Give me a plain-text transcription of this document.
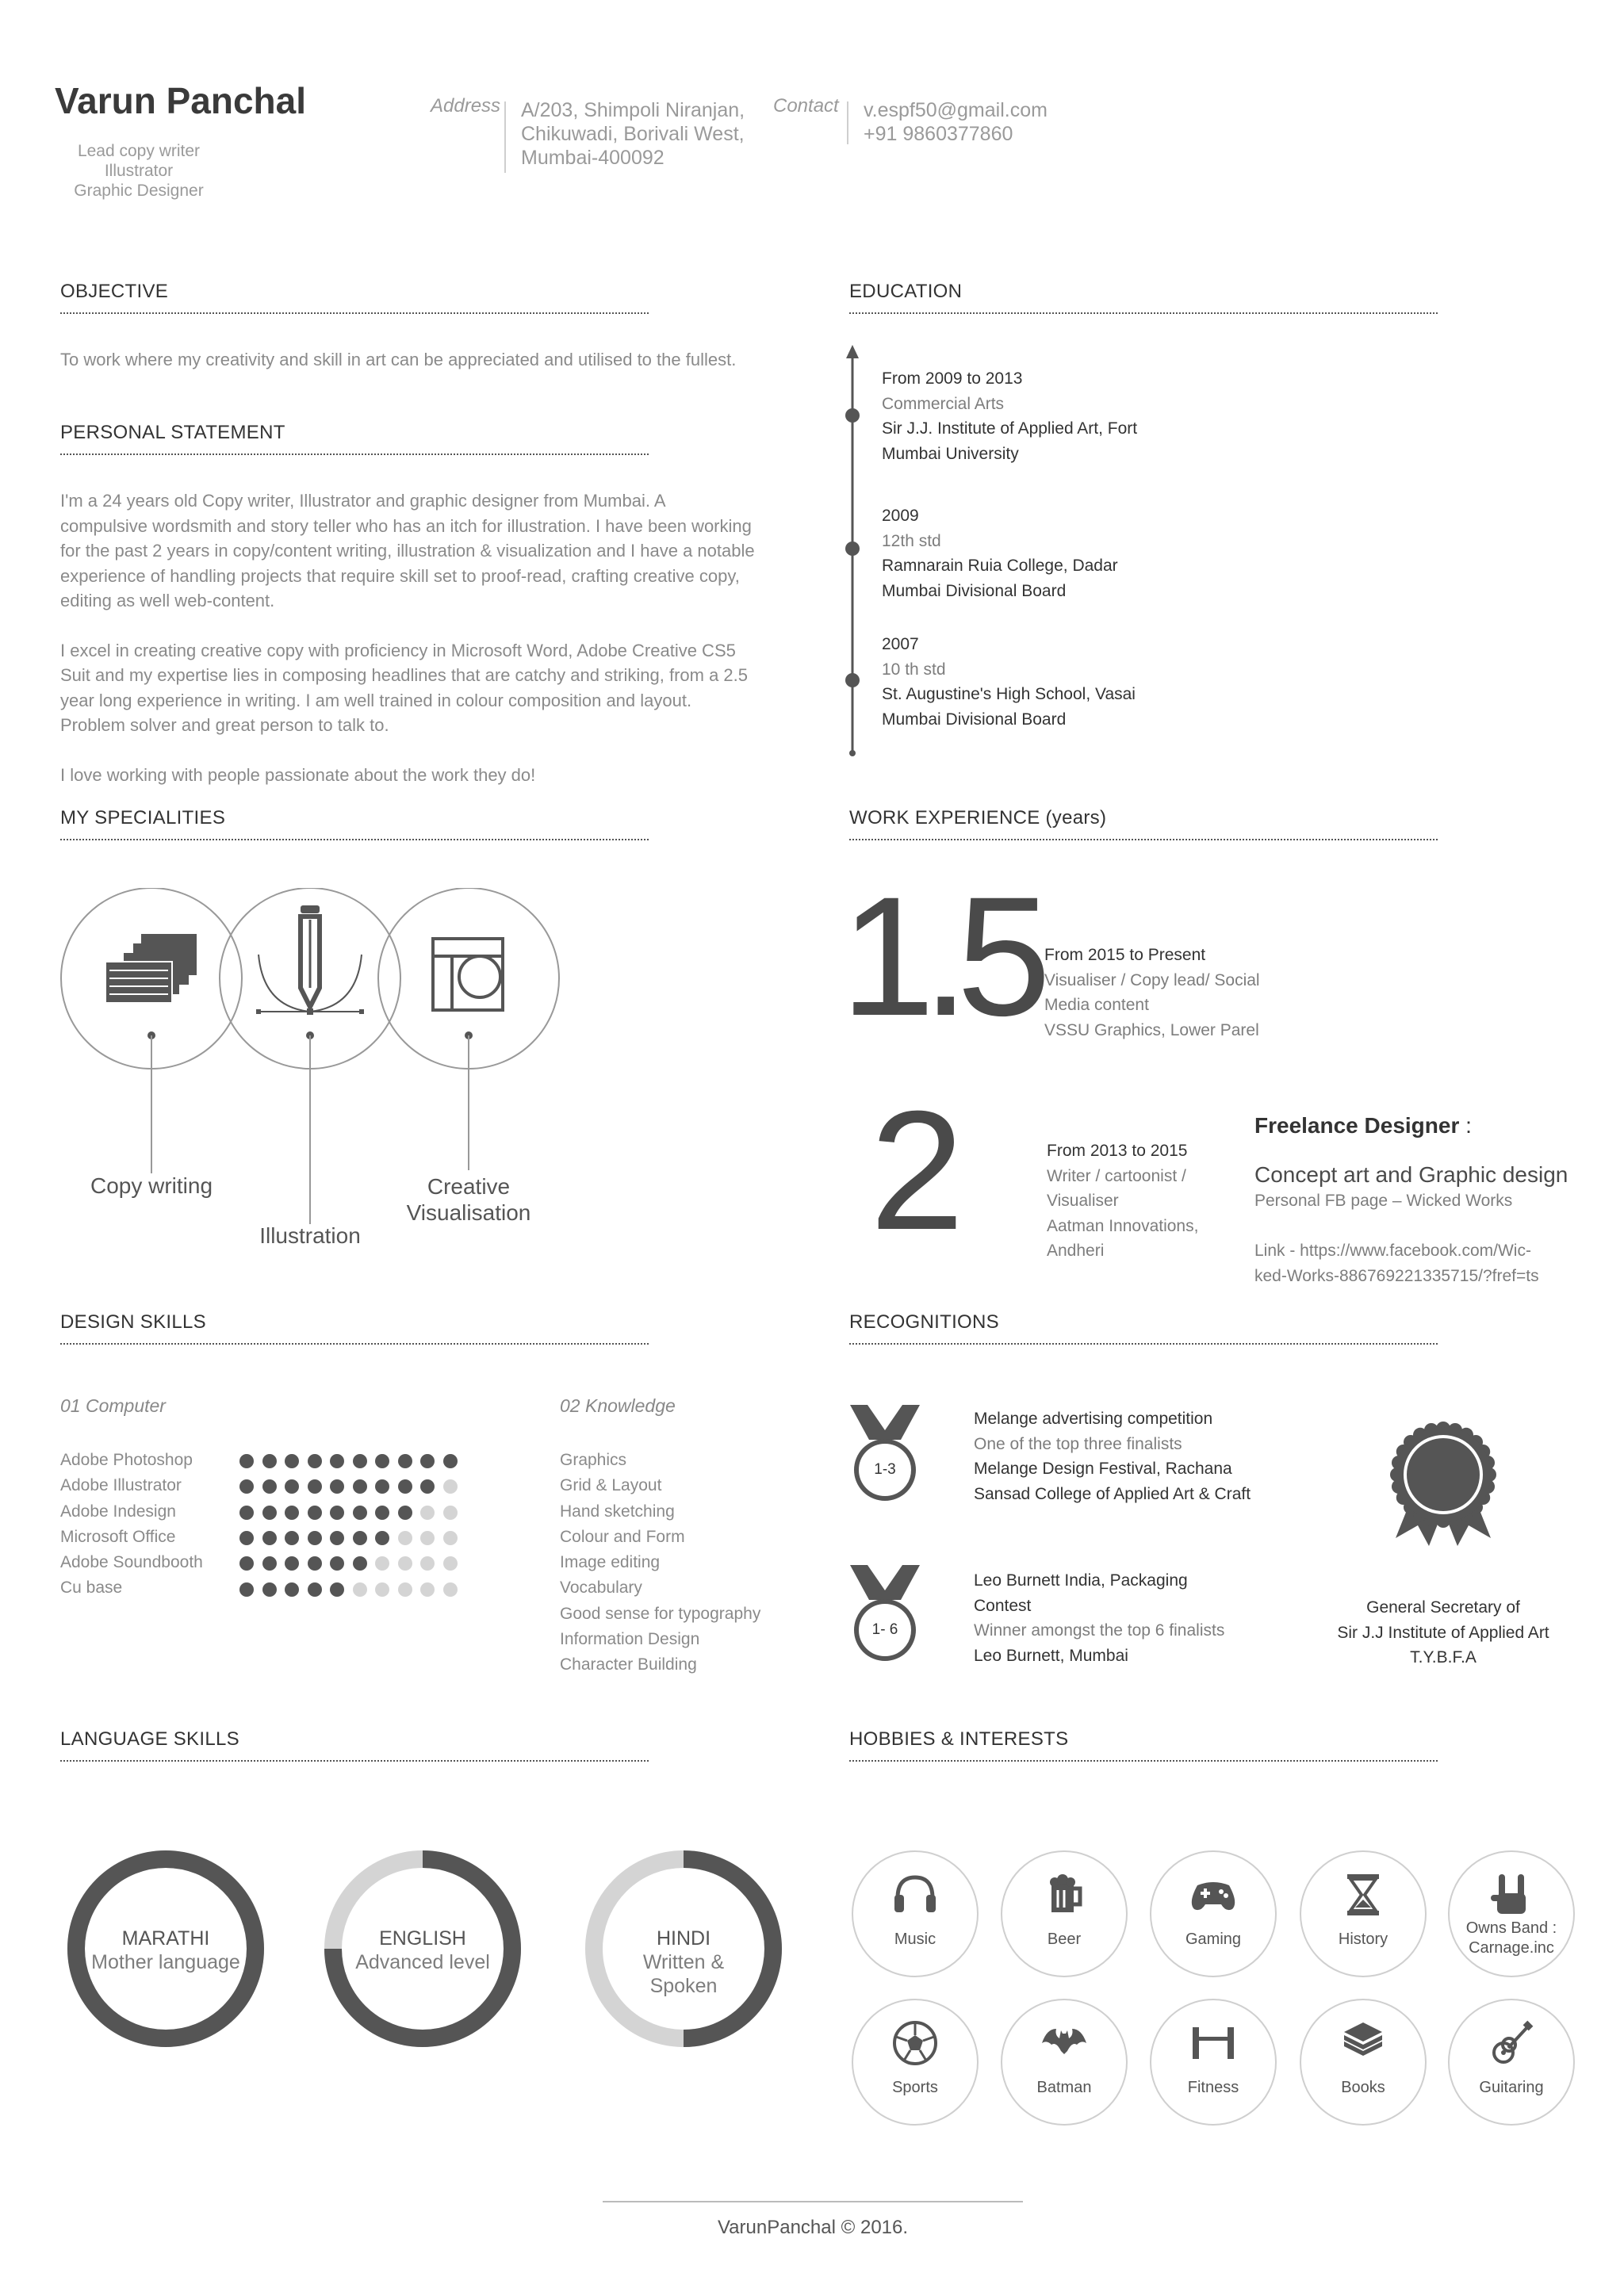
Varun Panchal
Lead copy writer
Illustrator
Graphic Designer
Address A/203, Shimpoli Niranjan,
Chikuwadi, Borivali West,
Mumbai-400092
Contact v.espf50@gmail.com
+91 9860377860
OBJECTIVE
To work where my creativity and skill in art can be appreciated and utilised to the fullest.
PERSONAL STATEMENT
I'm a 24 years old Copy writer, Illustrator and graphic designer from Mumbai. A
compulsive wordsmith and story teller who has an itch for illustration. I have been working
for the past 2 years in copy/content writing, illustration & visualization and I have a notable
experience of handling projects that require skill set to proof-read, crafting creative copy,
editing as well web-content.
I excel in creating creative copy with proficiency in Microsoft Word, Adobe Creative CS5
Suit and my expertise lies in composing headlines that are catchy and striking, from a 2.5
year long experience in writing. I am well trained in colour composition and layout.
Problem solver and great person to talk to.
I love working with people passionate about the work they do!
EDUCATION
From 2009 to 2013
Commercial Arts
Sir J.J. Institute of Applied Art, Fort
Mumbai University
2009
12th std
Ramnarain Ruia College, Dadar
Mumbai Divisional Board
2007
10 th std
St. Augustine's High School, Vasai
Mumbai Divisional Board
MY SPECIALITIES
Copy writing
Illustration
Creative
Visualisation
WORK EXPERIENCE (years)
1.5 From 2015 to Present
Visualiser / Copy lead/ Social
Media content
VSSU Graphics, Lower Parel
2	From 2013 to 2015
Writer / cartoonist /
Visualiser
Aatman Innovations,
Andheri
Freelance Designer :
Concept art and Graphic design
Personal FB page – Wicked Works
Link - https://www.facebook.com/Wic-
ked-Works-886769221335715/?fref=ts
DESIGN SKILLS
01 Computer
Adobe Photoshop
Adobe Illustrator
Adobe Indesign
Microsoft Office
Adobe Soundbooth
Cu base
02 Knowledge
Graphics
Grid & Layout
Hand sketching
Colour and Form
Image editing
Vocabulary
Good sense for typography
Information Design
Character Building
RECOGNITIONS
1-3
Melange advertising competition
One of the top three finalists
Melange Design Festival, Rachana
Sansad College of Applied Art & Craft
1- 6
Leo Burnett India, Packaging
Contest
Winner amongst the top 6 finalists
Leo Burnett, Mumbai
General Secretary of
Sir J.J Institute of Applied Art
T.Y.B.F.A
LANGUAGE SKILLS
MARATHI
Mother language
ENGLISH
Advanced level
HINDI
Written &
Spoken
HOBBIES & INTERESTS
Music	Beer	Gaming	History
Owns Band :
Carnage.inc
Sports	Batman	Fitness	Books	Guitaring
VarunPanchal © 2016.
